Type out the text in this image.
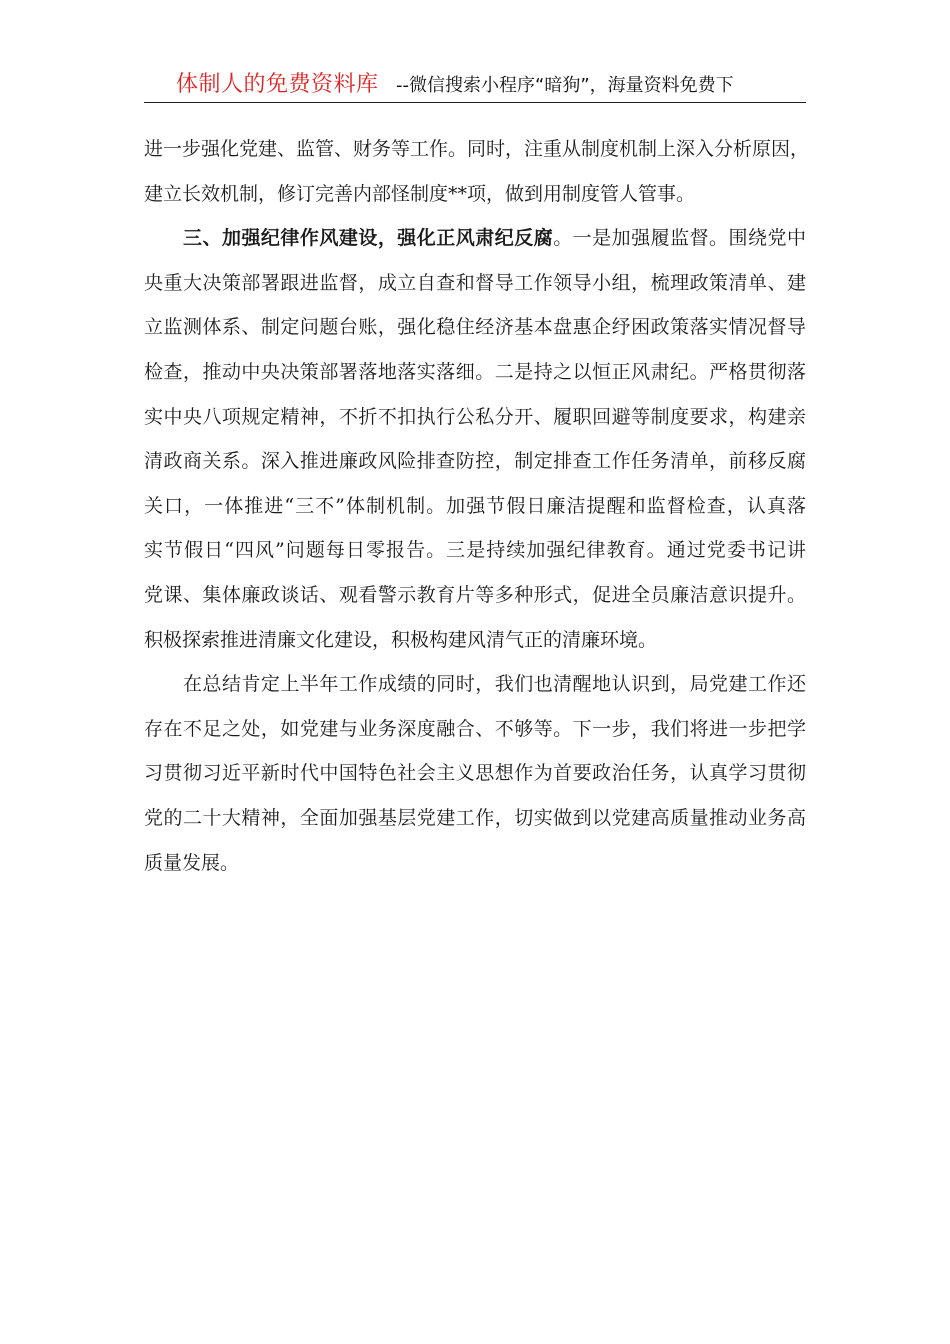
体制人的免费资料库 --微信搜索小程序“暗狗”，海量资料免费下
进一步强化党建、监管、财务等工作。同时，注重从制度机制上深入分析原因，
建立长效机制，修订完善内部怪制度**项，做到用制度管人管事。
三、加强纪律作风建设，强化正风肃纪反腐。一是加强履监督。围绕党中
央重大决策部署跟进监督，成立自查和督导工作领导小组，梳理政策清单、建
立监测体系、制定问题台账，强化稳住经济基本盘惠企纾困政策落实情况督导
检查，推动中央决策部署落地落实落细。二是持之以恒正风肃纪。严格贯彻落
实中央八项规定精神，不折不扣执行公私分开、履职回避等制度要求，构建亲
清政商关系。深入推进廉政风险排查防控，制定排查工作任务清单，前移反腐
关口，一体推进“三不”体制机制。加强节假日廉洁提醒和监督检查，认真落
实节假日“四风”问题每日零报告。三是持续加强纪律教育。通过党委书记讲
党课、集体廉政谈话、观看警示教育片等多种形式，促进全员廉洁意识提升。
积极探索推进清廉文化建设，积极构建风清气正的清廉环境。
在总结肯定上半年工作成绩的同时，我们也清醒地认识到，局党建工作还
存在不足之处，如党建与业务深度融合、不够等。下一步，我们将进一步把学
习贯彻习近平新时代中国特色社会主义思想作为首要政治任务，认真学习贯彻
党的二十大精神，全面加强基层党建工作，切实做到以党建高质量推动业务高
质量发展。
